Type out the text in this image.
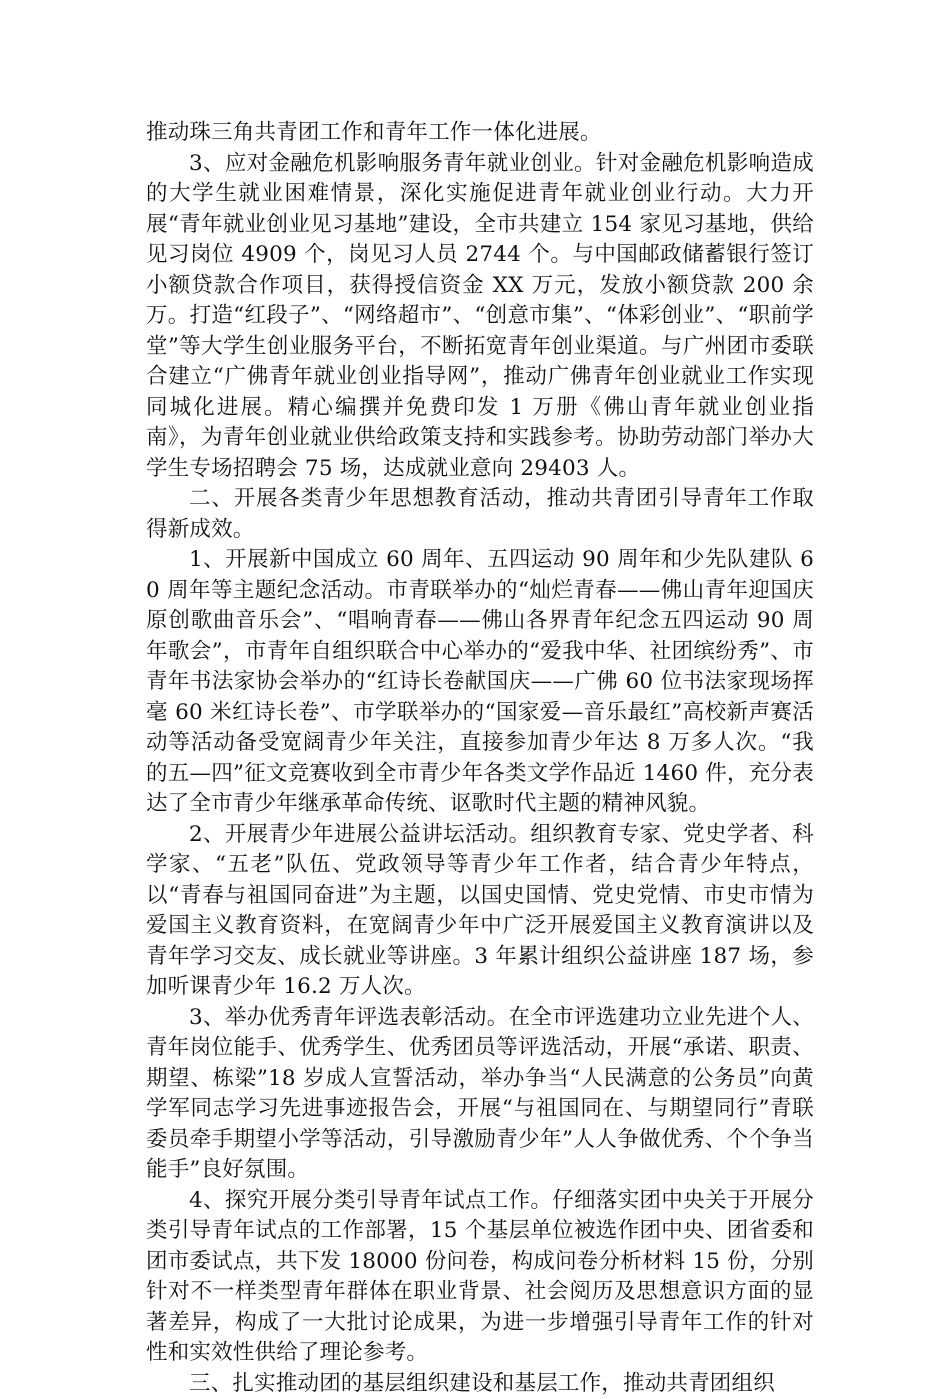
推动珠三角共青团工作和青年工作一体化进展。

3、应对金融危机影响服务青年就业创业。针对金融危机影响造成的大学生就业困难情景，深化实施促进青年就业创业行动。大力开展“青年就业创业见习基地”建设，全市共建立 154 家见习基地，供给见习岗位 4909 个，岗见习人员 2744 个。与中国邮政储蓄银行签订小额贷款合作项目，获得授信资金 XX 万元，发放小额贷款 200 余万。打造“红段子”、“网络超市”、“创意市集”、“体彩创业”、“职前学堂”等大学生创业服务平台，不断拓宽青年创业渠道。与广州团市委联合建立“广佛青年就业创业指导网”，推动广佛青年创业就业工作实现同城化进展。精心编撰并免费印发 1 万册《佛山青年就业创业指南》，为青年创业就业供给政策支持和实践参考。协助劳动部门举办大学生专场招聘会 75 场，达成就业意向 29403 人。

二、开展各类青少年思想教育活动，推动共青团引导青年工作取得新成效。

1、开展新中国成立 60 周年、五四运动 90 周年和少先队建队 60 周年等主题纪念活动。市青联举办的“灿烂青春——佛山青年迎国庆原创歌曲音乐会”、“唱响青春——佛山各界青年纪念五四运动 90 周年歌会”，市青年自组织联合中心举办的“爱我中华、社团缤纷秀”、市青年书法家协会举办的“红诗长卷献国庆——广佛 60 位书法家现场挥毫 60 米红诗长卷”、市学联举办的“国家爱—音乐最红”高校新声赛活动等活动备受宽阔青少年关注，直接参加青少年达 8 万多人次。“我的五—四”征文竞赛收到全市青少年各类文学作品近 1460 件，充分表达了全市青少年继承革命传统、讴歌时代主题的精神风貌。

2、开展青少年进展公益讲坛活动。组织教育专家、党史学者、科学家、“五老”队伍、党政领导等青少年工作者，结合青少年特点，以“青春与祖国同奋进”为主题，以国史国情、党史党情、市史市情为爱国主义教育资料，在宽阔青少年中广泛开展爱国主义教育演讲以及青年学习交友、成长就业等讲座。3 年累计组织公益讲座 187 场，参加听课青少年 16.2 万人次。

3、举办优秀青年评选表彰活动。在全市评选建功立业先进个人、青年岗位能手、优秀学生、优秀团员等评选活动，开展“承诺、职责、期望、栋梁”18 岁成人宣誓活动，举办争当“人民满意的公务员”向黄学军同志学习先进事迹报告会，开展“与祖国同在、与期望同行”青联委员牵手期望小学等活动，引导激励青少年”人人争做优秀、个个争当能手”良好氛围。

4、探究开展分类引导青年试点工作。仔细落实团中央关于开展分类引导青年试点的工作部署，15 个基层单位被选作团中央、团省委和团市委试点，共下发 18000 份问卷，构成问卷分析材料 15 份，分别针对不一样类型青年群体在职业背景、社会阅历及思想意识方面的显著差异，构成了一大批讨论成果，为进一步增强引导青年工作的针对性和实效性供给了理论参考。

三、扎实推动团的基层组织建设和基层工作，推动共青团组织
